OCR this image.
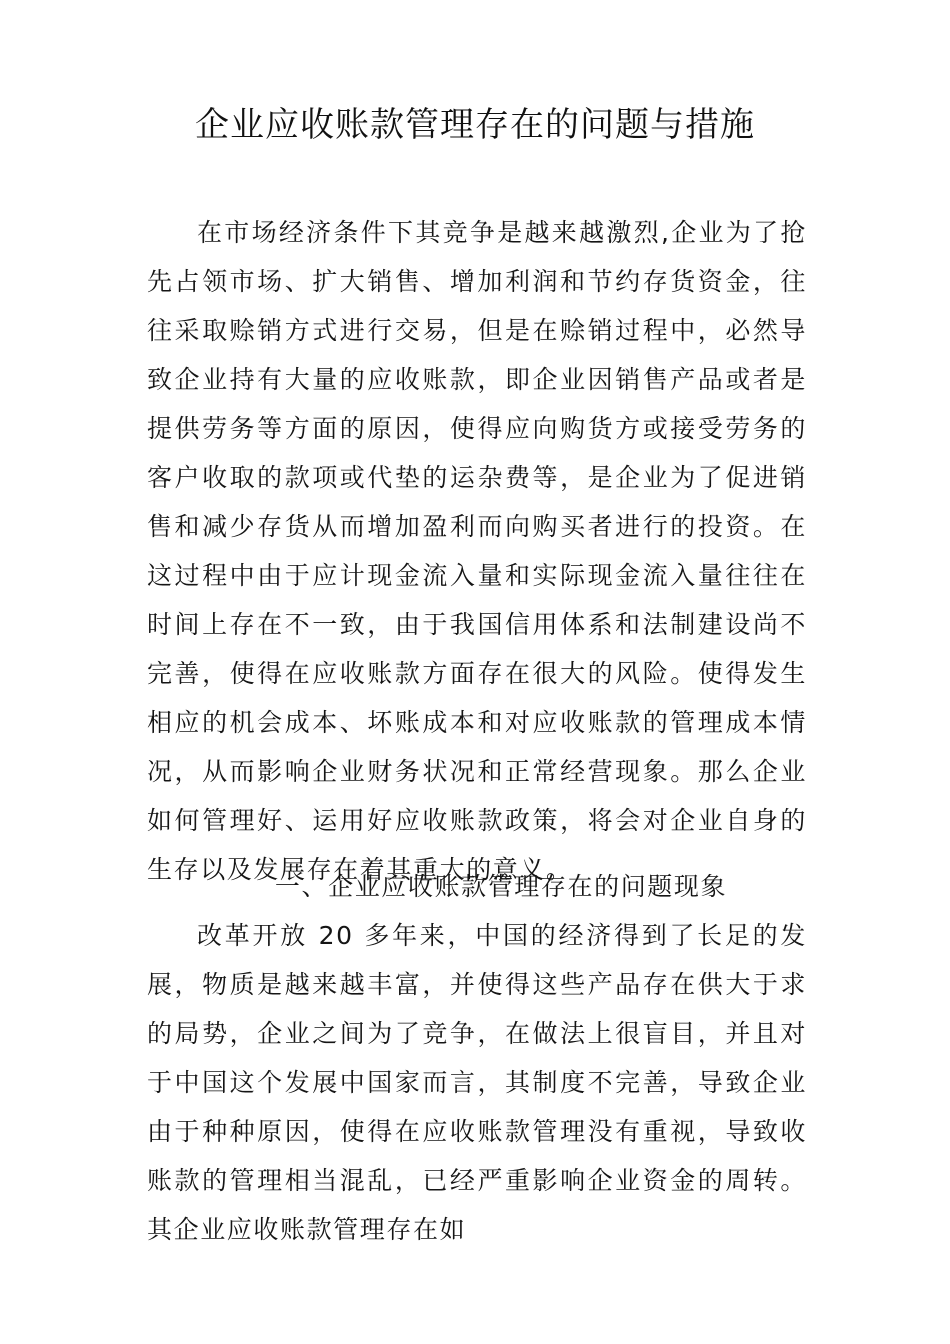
企业应收账款管理存在的问题与措施

在市场经济条件下其竞争是越来越激烈,企业为了抢先占领市场、扩大销售、增加利润和节约存货资金，往往采取赊销方式进行交易，但是在赊销过程中，必然导致企业持有大量的应收账款，即企业因销售产品或者是提供劳务等方面的原因，使得应向购货方或接受劳务的客户收取的款项或代垫的运杂费等，是企业为了促进销售和减少存货从而增加盈利而向购买者进行的投资。在这过程中由于应计现金流入量和实际现金流入量往往在时间上存在不一致，由于我国信用体系和法制建设尚不完善，使得在应收账款方面存在很大的风险。使得发生相应的机会成本、坏账成本和对应收账款的管理成本情况，从而影响企业财务状况和正常经营现象。那么企业如何管理好、运用好应收账款政策，将会对企业自身的生存以及发展存在着其重大的意义。

一、企业应收账款管理存在的问题现象

改革开放 20 多年来，中国的经济得到了长足的发展，物质是越来越丰富，并使得这些产品存在供大于求的局势，企业之间为了竞争，在做法上很盲目，并且对于中国这个发展中国家而言，其制度不完善，导致企业由于种种原因，使得在应收账款管理没有重视，导致收账款的管理相当混乱，已经严重影响企业资金的周转。其企业应收账款管理存在如
